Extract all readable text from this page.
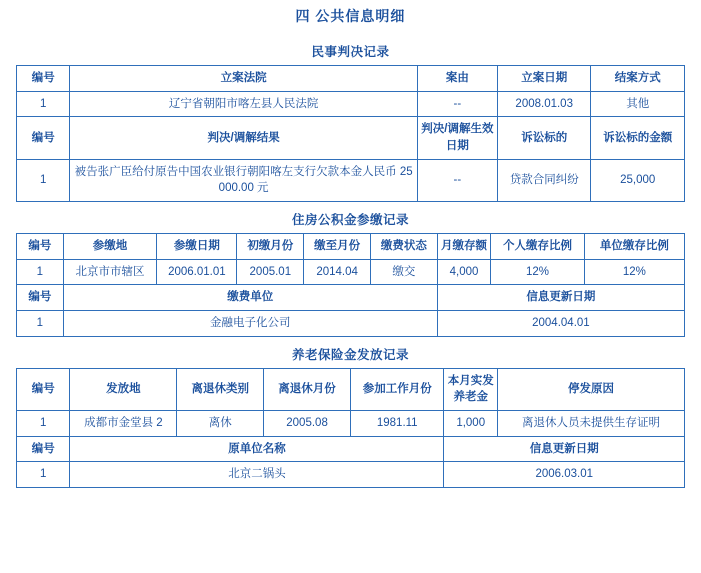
四 公共信息明细
民事判决记录
编号	立案法院	案由	立案日期	结案方式
1	辽宁省朝阳市喀左县人民法院	--	2008.01.03	其他
编号	判决/调解结果	判决/调解生效日期	诉讼标的	诉讼标的金额
1	被告张广臣给付原告中国农业银行朝阳喀左支行欠款本金人民币 25000.00 元	--	贷款合同纠纷	25,000
住房公积金参缴记录
编号	参缴地	参缴日期	初缴月份	缴至月份	缴费状态	月缴存额	个人缴存比例	单位缴存比例
1	北京市市辖区	2006.01.01	2005.01	2014.04	缴交	4,000	12%	12%
编号	缴费单位					信息更新日期		
1	金融电子化公司					2004.04.01		
养老保险金发放记录
编号	发放地	离退休类别	离退休月份	参加工作月份	本月实发养老金	停发原因
1	成都市金堂县 2	离休	2005.08	1981.11	1,000	离退休人员未提供生存证明
编号	原单位名称				信息更新日期	
1	北京二锅头				2006.03.01	
